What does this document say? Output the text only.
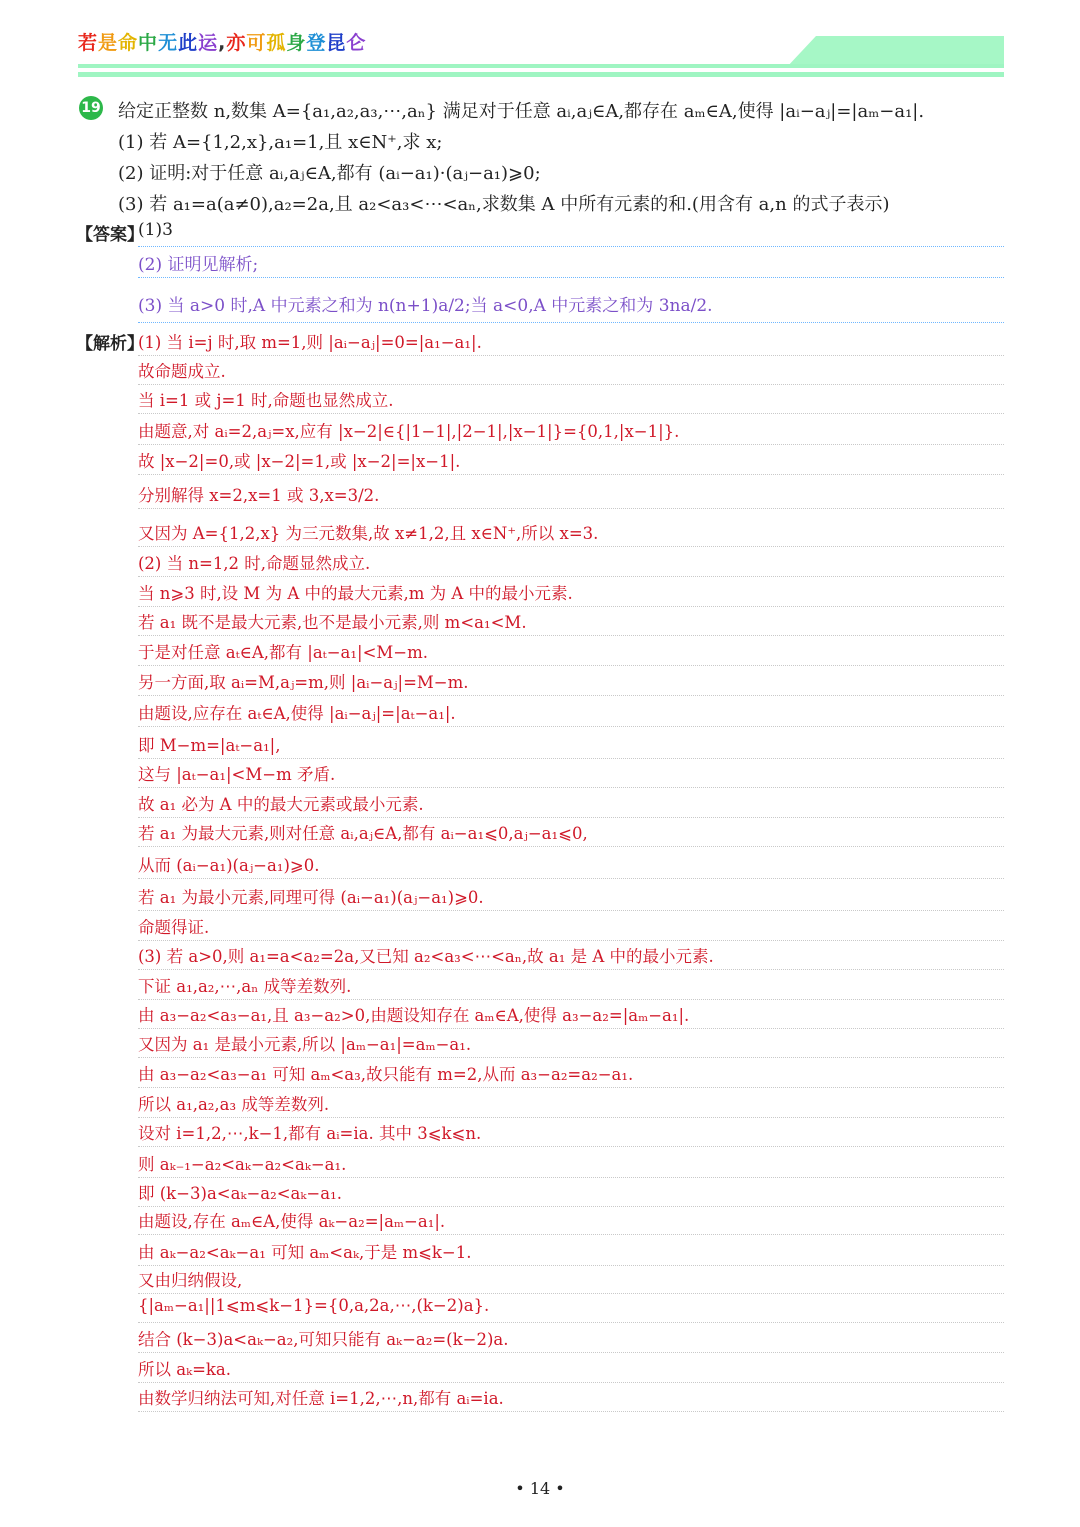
若是命中无此运,亦可孤身登昆仑
19 给定正整数 n,数集 A={a₁,a₂,a₃,⋯,aₙ} 满足对于任意 aᵢ,aⱼ∈A,都存在 aₘ∈A,使得 |aᵢ−aⱼ|=|aₘ−a₁|.
(1) 若 A={1,2,x},a₁=1,且 x∈N⁺,求 x;
(2) 证明:对于任意 aᵢ,aⱼ∈A,都有 (aᵢ−a₁)·(aⱼ−a₁)⩾0;
(3) 若 a₁=a(a≠0),a₂=2a,且 a₂<a₃<⋯<aₙ,求数集 A 中所有元素的和.(用含有 a,n 的式子表示)
【答案】
(1)3
(2) 证明见解析;
(3) 当 a>0 时,A 中元素之和为 n(n+1)a/2;当 a<0,A 中元素之和为 3na/2.
【解析】
(1) 当 i=j 时,取 m=1,则 |aᵢ−aⱼ|=0=|a₁−a₁|.
故命题成立.
当 i=1 或 j=1 时,命题也显然成立.
由题意,对 aᵢ=2,aⱼ=x,应有 |x−2|∈{|1−1|,|2−1|,|x−1|}={0,1,|x−1|}.
故 |x−2|=0,或 |x−2|=1,或 |x−2|=|x−1|.
分别解得 x=2,x=1 或 3,x=3/2.
又因为 A={1,2,x} 为三元数集,故 x≠1,2,且 x∈N⁺,所以 x=3.
(2) 当 n=1,2 时,命题显然成立.
当 n⩾3 时,设 M 为 A 中的最大元素,m 为 A 中的最小元素.
若 a₁ 既不是最大元素,也不是最小元素,则 m<a₁<M.
于是对任意 aₜ∈A,都有 |aₜ−a₁|<M−m.
另一方面,取 aᵢ=M,aⱼ=m,则 |aᵢ−aⱼ|=M−m.
由题设,应存在 aₜ∈A,使得 |aᵢ−aⱼ|=|aₜ−a₁|.
即 M−m=|aₜ−a₁|,
这与 |aₜ−a₁|<M−m 矛盾.
故 a₁ 必为 A 中的最大元素或最小元素.
若 a₁ 为最大元素,则对任意 aᵢ,aⱼ∈A,都有 aᵢ−a₁⩽0,aⱼ−a₁⩽0,
从而 (aᵢ−a₁)(aⱼ−a₁)⩾0.
若 a₁ 为最小元素,同理可得 (aᵢ−a₁)(aⱼ−a₁)⩾0.
命题得证.
(3) 若 a>0,则 a₁=a<a₂=2a,又已知 a₂<a₃<⋯<aₙ,故 a₁ 是 A 中的最小元素.
下证 a₁,a₂,⋯,aₙ 成等差数列.
由 a₃−a₂<a₃−a₁,且 a₃−a₂>0,由题设知存在 aₘ∈A,使得 a₃−a₂=|aₘ−a₁|.
又因为 a₁ 是最小元素,所以 |aₘ−a₁|=aₘ−a₁.
由 a₃−a₂<a₃−a₁ 可知 aₘ<a₃,故只能有 m=2,从而 a₃−a₂=a₂−a₁.
所以 a₁,a₂,a₃ 成等差数列.
设对 i=1,2,⋯,k−1,都有 aᵢ=ia. 其中 3⩽k⩽n.
则 aₖ₋₁−a₂<aₖ−a₂<aₖ−a₁.
即 (k−3)a<aₖ−a₂<aₖ−a₁.
由题设,存在 aₘ∈A,使得 aₖ−a₂=|aₘ−a₁|.
由 aₖ−a₂<aₖ−a₁ 可知 aₘ<aₖ,于是 m⩽k−1.
又由归纳假设,
{|aₘ−a₁||1⩽m⩽k−1}={0,a,2a,⋯,(k−2)a}.
结合 (k−3)a<aₖ−a₂,可知只能有 aₖ−a₂=(k−2)a.
所以 aₖ=ka.
由数学归纳法可知,对任意 i=1,2,⋯,n,都有 aᵢ=ia.
• 14 •
